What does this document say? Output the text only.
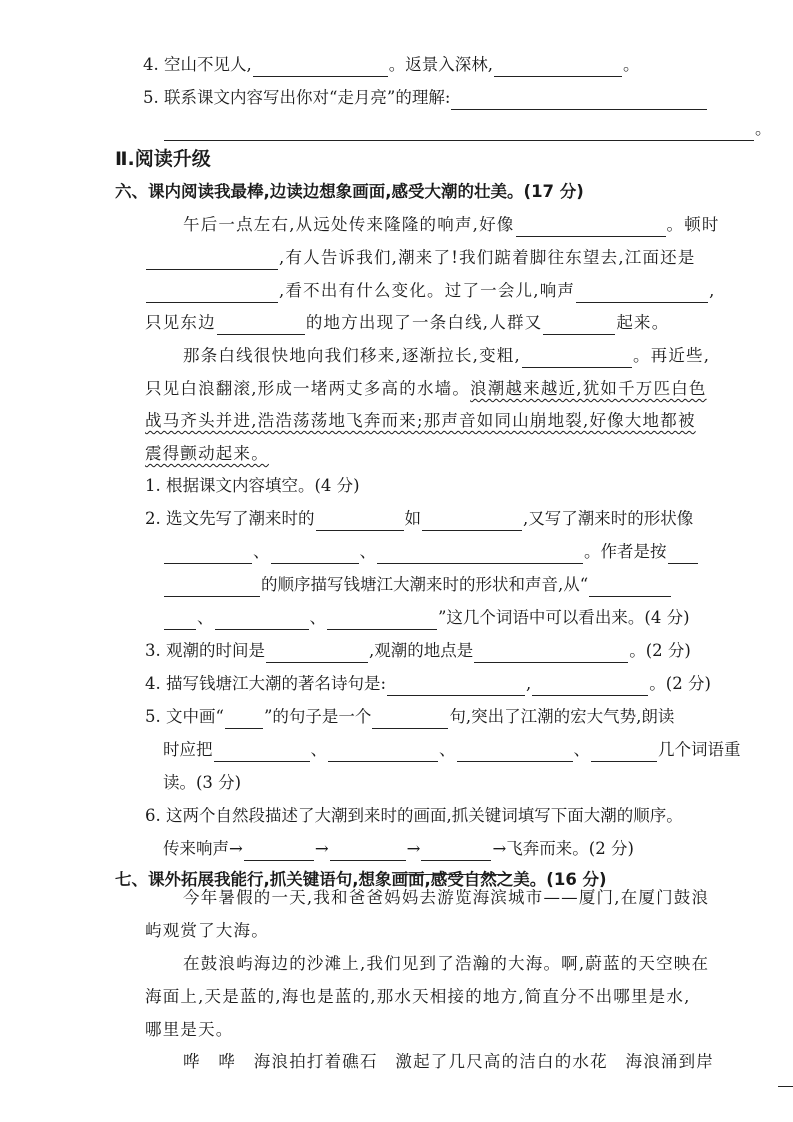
4. 空山不见人,	。返景入深林,	。
5. 联系课文内容写出你对“走月亮”的理解:
。
Ⅱ.阅读升级
六、课内阅读我最棒,边读边想象画面,感受大潮的壮美。(17 分)
午后一点左右,从远处传来隆隆的响声,好像	。顿时
,有人告诉我们,潮来了!我们踮着脚往东望去,江面还是
,看不出有什么变化。过了一会儿,响声	,
只见东边	的地方出现了一条白线,人群又	起来。
那条白线很快地向我们移来,逐渐拉长,变粗,	。再近些,
只见白浪翻滚,形成一堵两丈多高的水墙。 浪潮越来越近,犹如千万匹白色
战马齐头并进,浩浩荡荡地飞奔而来;那声音如同山崩地裂,好像大地都被
震得颤动起来。
1. 根据课文内容填空。(4 分)
2. 选文先写了潮来时的	如	,又写了潮来时的形状像
、	、	。作者是按
的顺序描写钱塘江大潮来时的形状和声音,从“
、	、	”这几个词语中可以看出来。(4 分)
3. 观潮的时间是	,观潮的地点是	。(2 分)
4. 描写钱塘江大潮的著名诗句是:	,	。(2 分)
5. 文中画“ ”的句子是一个	句,突出了江潮的宏大气势,朗读
时应把	、	、	、	几个词语重
读。(3 分)
6. 这两个自然段描述了大潮到来时的画面,抓关键词填写下面大潮的顺序。
传来响声→	→	→	→飞奔而来。(2 分)
七、课外拓展我能行,抓关键语句,想象画面,感受自然之美。(16 分)
今年暑假的一天,我和爸爸妈妈去游览海滨城市——厦门,在厦门鼓浪
屿观赏了大海。
在鼓浪屿海边的沙滩上,我们见到了浩瀚的大海。啊,蔚蓝的天空映在
海面上,天是蓝的,海也是蓝的,那水天相接的地方,简直分不出哪里是水,
哪里是天。
哗　哗　海浪拍打着礁石　激起了几尺高的洁白的水花　海浪涌到岸
